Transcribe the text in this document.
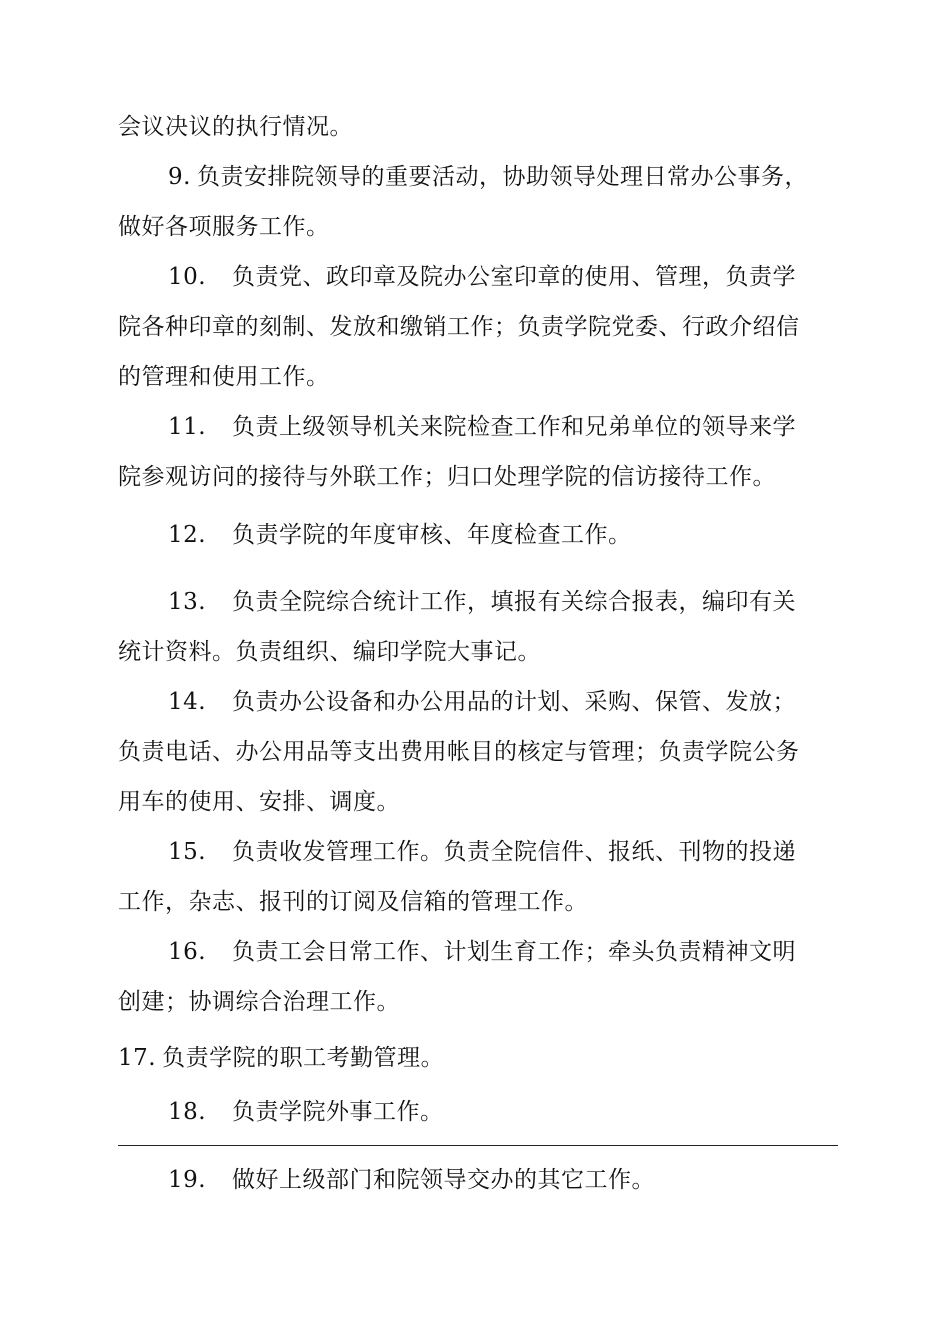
会议决议的执行情况。
9. 负责安排院领导的重要活动，协助领导处理日常办公事务，
做好各项服务工作。
10. 负责党、政印章及院办公室印章的使用、管理，负责学
院各种印章的刻制、发放和缴销工作；负责学院党委、行政介绍信
的管理和使用工作。
11. 负责上级领导机关来院检查工作和兄弟单位的领导来学
院参观访问的接待与外联工作；归口处理学院的信访接待工作。
12. 负责学院的年度审核、年度检查工作。
13. 负责全院综合统计工作，填报有关综合报表，编印有关
统计资料。负责组织、编印学院大事记。
14. 负责办公设备和办公用品的计划、采购、保管、发放；
负责电话、办公用品等支出费用帐目的核定与管理；负责学院公务
用车的使用、安排、调度。
15. 负责收发管理工作。负责全院信件、报纸、刊物的投递
工作，杂志、报刊的订阅及信箱的管理工作。
16. 负责工会日常工作、计划生育工作；牵头负责精神文明
创建；协调综合治理工作。
17. 负责学院的职工考勤管理。
18. 负责学院外事工作。
19. 做好上级部门和院领导交办的其它工作。
